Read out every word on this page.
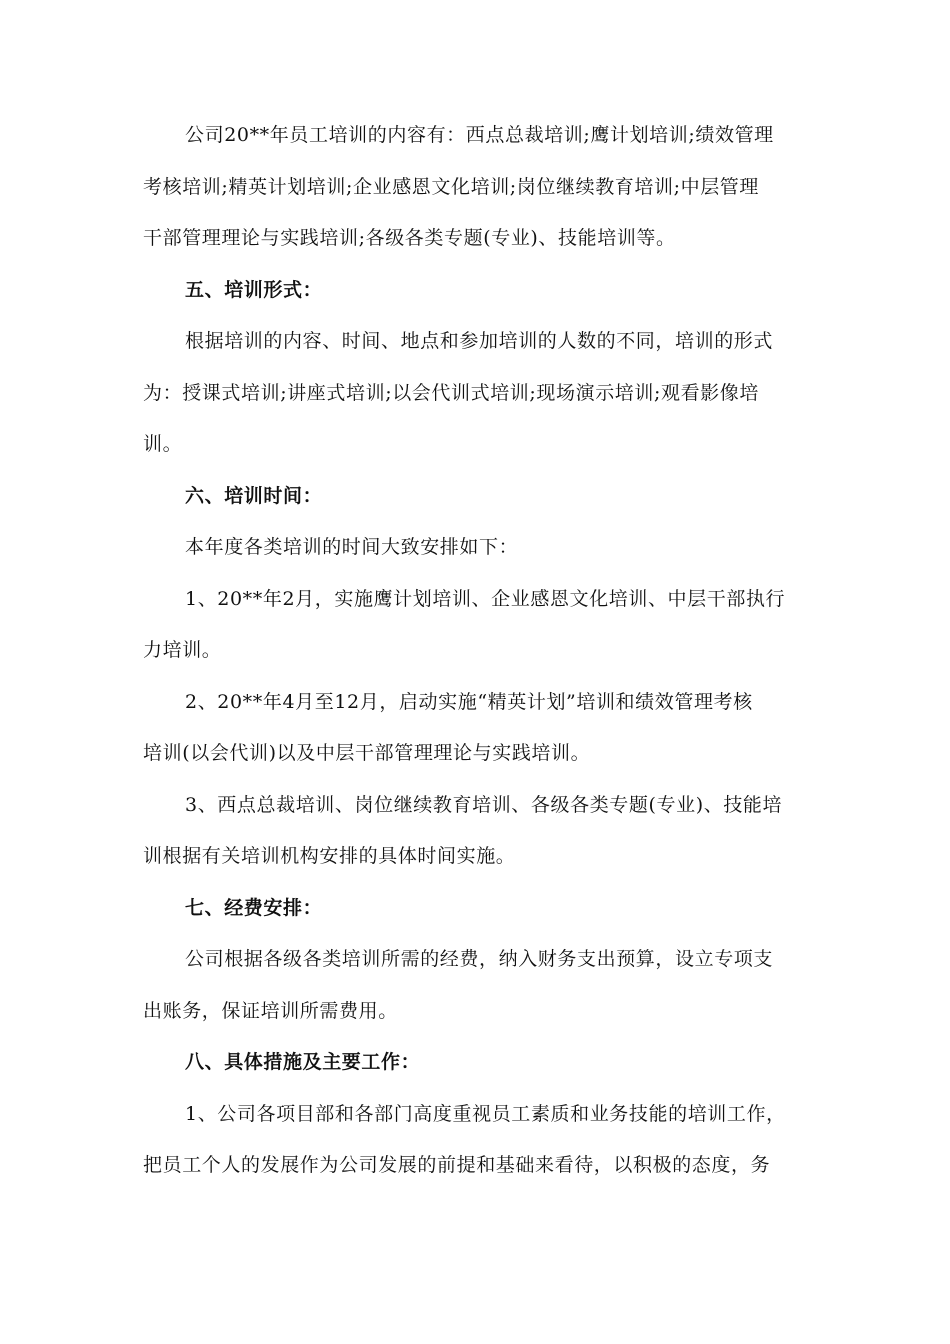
公司20**年员工培训的内容有：西点总裁培训;鹰计划培训;绩效管理
考核培训;精英计划培训;企业感恩文化培训;岗位继续教育培训;中层管理
干部管理理论与实践培训;各级各类专题(专业)、技能培训等。
五、培训形式：
根据培训的内容、时间、地点和参加培训的人数的不同，培训的形式
为：授课式培训;讲座式培训;以会代训式培训;现场演示培训;观看影像培
训。
六、培训时间：
本年度各类培训的时间大致安排如下：
1、20**年2月，实施鹰计划培训、企业感恩文化培训、中层干部执行
力培训。
2、20**年4月至12月，启动实施“精英计划”培训和绩效管理考核
培训(以会代训)以及中层干部管理理论与实践培训。
3、西点总裁培训、岗位继续教育培训、各级各类专题(专业)、技能培
训根据有关培训机构安排的具体时间实施。
七、经费安排：
公司根据各级各类培训所需的经费，纳入财务支出预算，设立专项支
出账务，保证培训所需费用。
八、具体措施及主要工作：
1、公司各项目部和各部门高度重视员工素质和业务技能的培训工作，
把员工个人的发展作为公司发展的前提和基础来看待，以积极的态度，务
